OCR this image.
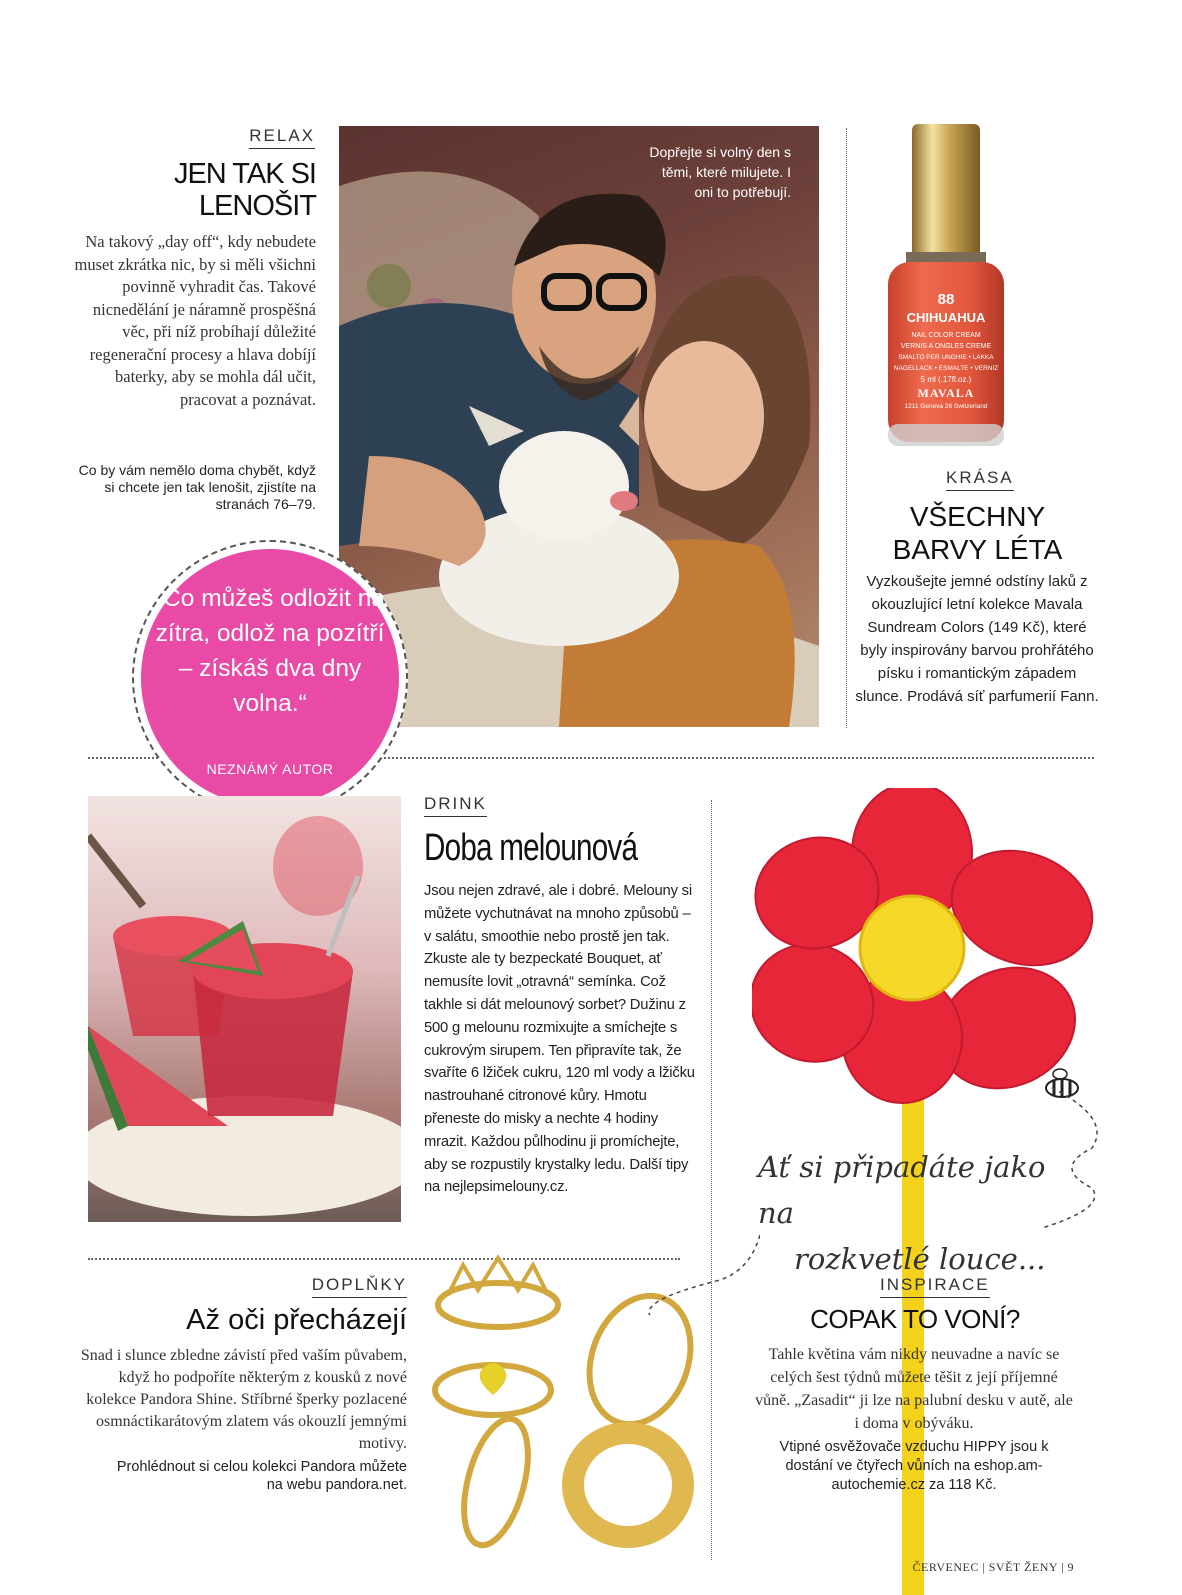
RELAX
JEN TAK SI
LENOŠIT
Na takový „day off“, kdy nebudete muset zkrátka nic, by si měli všichni povinně vyhradit čas. Takové nicnedělání je náramně prospěšná věc, při níž probíhají důležité regenerační procesy a hlava dobíjí baterky, aby se mohla dál učit, pracovat a poznávat.
Co by vám nemělo doma chybět, když si chcete jen tak lenošit, zjistíte na stranách 76–79.
Dopřejte si volný den s těmi, které milujete. I oni to potřebují.
„Co můžeš odložit na zítra, odlož na pozítří – získáš dva dny volna.“
NEZNÁMÝ AUTOR
88
CHIHUAHUA
NAIL COLOR CREAM
VERNIS A ONGLES CREME
SMALTO PER UNGHIE • LAKKA
NAGELLACK • ESMALTE • VERNIZ
5 ml (.17fl.oz.)
MAVALA
1211 Geneva 26 Switzerland
KRÁSA
VŠECHNY
BARVY LÉTA
Vyzkoušejte jemné odstíny laků z okouzlující letní kolekce Mavala Sundream Colors (149 Kč), které byly inspirovány barvou prohřátého písku i romantickým západem slunce. Prodává síť parfumerií Fann.
DRINK
Doba melounová
Jsou nejen zdravé, ale i dobré. Melouny si můžete vychutnávat na mnoho způsobů – v salátu, smoothie nebo prostě jen tak. Zkuste ale ty bezpeckaté Bouquet, ať nemusíte lovit „otravná“ semínka. Což takhle si dát melounový sorbet? Dužinu z 500 g melounu rozmixujte a smíchejte s cukrovým sirupem. Ten připravíte tak, že svaříte 6 lžiček cukru, 120 ml vody a lžičku nastrouhané citronové kůry. Hmotu přeneste do misky a nechte 4 hodiny mrazit. Každou půlhodinu ji promíchejte, aby se rozpustily krystalky ledu. Další tipy na nejlepsimelouny.cz.
DOPLŇKY
Až oči přecházejí
Snad i slunce zbledne závistí před vaším půvabem, když ho podpoříte některým z kousků z nové kolekce Pandora Shine. Stříbrné šperky pozlacené osmnáctikarátovým zlatem vás okouzlí jemnými motivy.
Prohlédnout si celou kolekci Pandora můžete na webu pandora.net.
Ať si připadáte jako na
rozkvetlé louce...
INSPIRACE
COPAK TO VONÍ?
Tahle květina vám nikdy neuvadne a navíc se celých šest týdnů můžete těšit z její příjemné vůně. „Zasadit“ ji lze na palubní desku v autě, ale i doma v obýváku.
Vtipné osvěžovače vzduchu HIPPY jsou k dostání ve čtyřech vůních na eshop.am-autochemie.cz za 118 Kč.
ČERVENEC | SVĚT ŽENY | 9
